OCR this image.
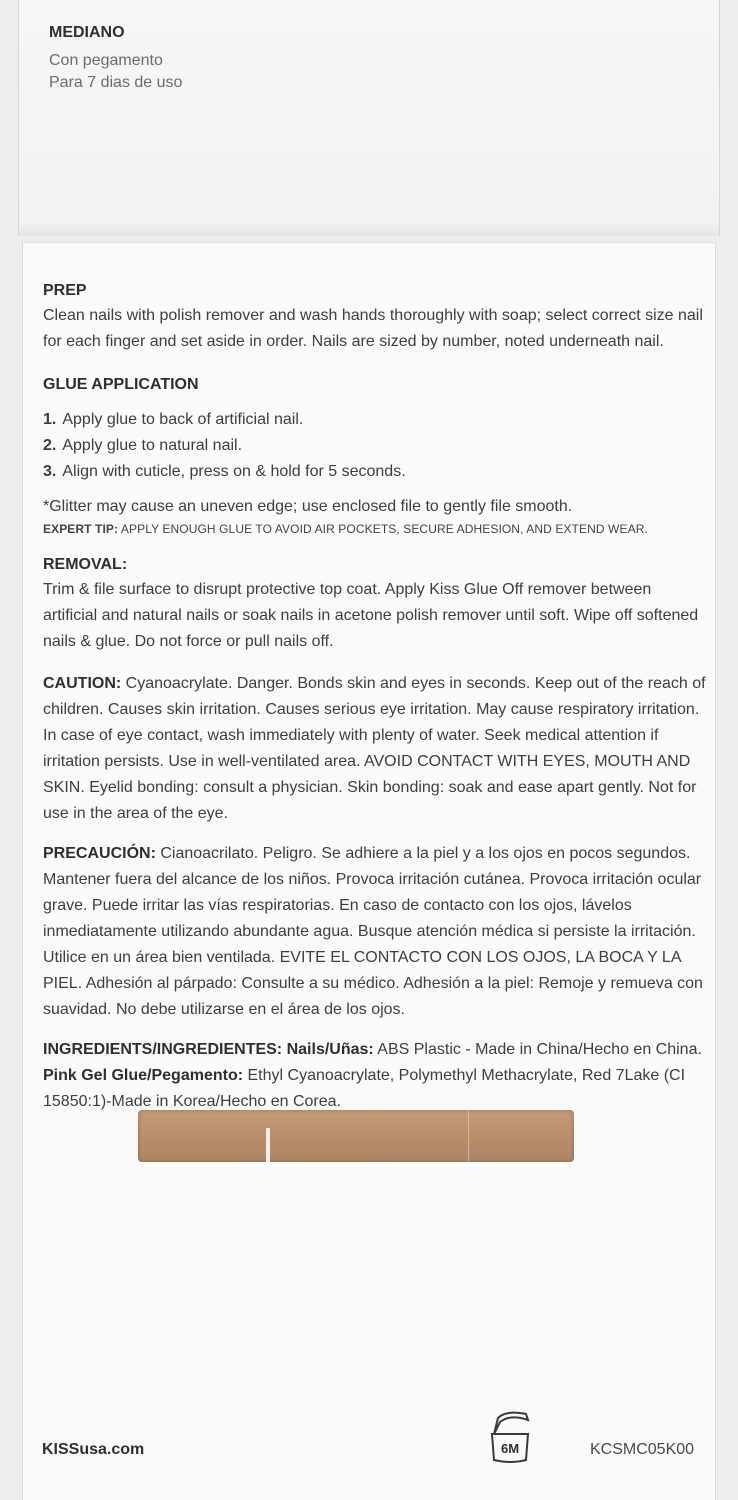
MEDIANO
Con pegamento
Para 7 dias de uso
PREP

Clean nails with polish remover and wash hands thoroughly with soap; select correct size nail for each finger and set aside in order. Nails are sized by number, noted underneath nail.

GLUE APPLICATION
1. Apply glue to back of artificial nail.
2. Apply glue to natural nail.
3. Align with cuticle, press on & hold for 5 seconds.
*Glitter may cause an uneven edge; use enclosed file to gently file smooth.
EXPERT TIP: APPLY ENOUGH GLUE TO AVOID AIR POCKETS, SECURE ADHESION, AND EXTEND WEAR.
REMOVAL:

Trim & file surface to disrupt protective top coat. Apply Kiss Glue Off remover between artificial and natural nails or soak nails in acetone polish remover until soft. Wipe off softened nails & glue. Do not force or pull nails off.

CAUTION: Cyanoacrylate. Danger. Bonds skin and eyes in seconds. Keep out of the reach of children. Causes skin irritation. Causes serious eye irritation. May cause respiratory irritation. In case of eye contact, wash immediately with plenty of water. Seek medical attention if irritation persists. Use in well-ventilated area. AVOID CONTACT WITH EYES, MOUTH AND SKIN. Eyelid bonding: consult a physician. Skin bonding: soak and ease apart gently. Not for use in the area of the eye.

PRECAUCIÓN: Cianoacrilato. Peligro. Se adhiere a la piel y a los ojos en pocos segundos. Mantener fuera del alcance de los niños. Provoca irritación cutánea. Provoca irritación ocular grave. Puede irritar las vías respiratorias. En caso de contacto con los ojos, lávelos inmediatamente utilizando abundante agua. Busque atención médica si persiste la irritación. Utilice en un área bien ventilada. EVITE EL CONTACTO CON LOS OJOS, LA BOCA Y LA PIEL. Adhesión al párpado: Consulte a su médico. Adhesión a la piel: Remoje y remueva con suavidad. No debe utilizarse en el área de los ojos.

INGREDIENTS/INGREDIENTES: Nails/Uñas: ABS Plastic - Made in China/Hecho en China. Pink Gel Glue/Pegamento: Ethyl Cyanoacrylate, Polymethyl Methacrylate, Red 7Lake (CI 15850:1)-Made in Korea/Hecho en Corea.

KISSusa.com	6M	KCSMC05K00
